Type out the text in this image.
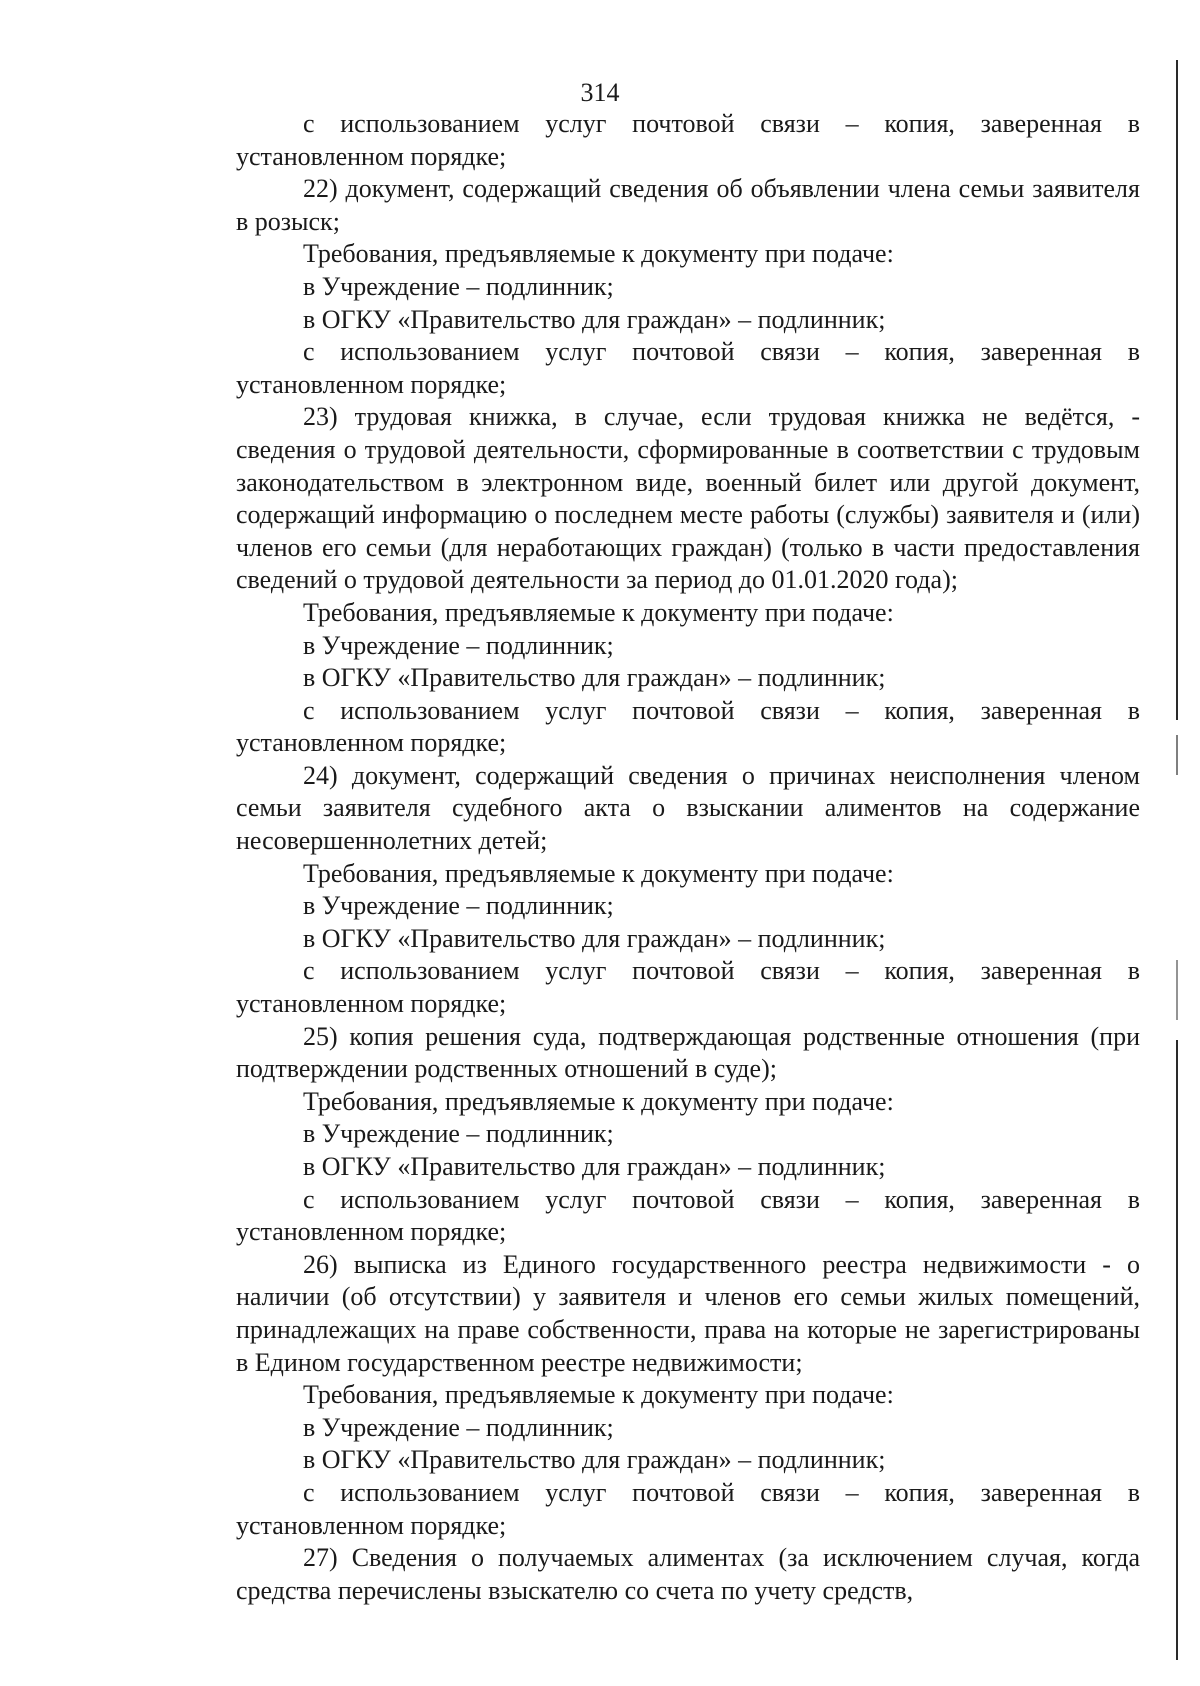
314

с использованием услуг почтовой связи – копия, заверенная в установленном порядке;

22) документ, содержащий сведения об объявлении члена семьи заявителя в розыск;

Требования, предъявляемые к документу при подаче:

в Учреждение – подлинник;

в ОГКУ «Правительство для граждан» – подлинник;

с использованием услуг почтовой связи – копия, заверенная в установленном порядке;

23) трудовая книжка, в случае, если трудовая книжка не ведётся, - сведения о трудовой деятельности, сформированные в соответствии с трудовым законодательством в электронном виде, военный билет или другой документ, содержащий информацию о последнем месте работы (службы) заявителя и (или) членов его семьи (для неработающих граждан) (только в части предоставления сведений о трудовой деятельности за период до 01.01.2020 года);

Требования, предъявляемые к документу при подаче:

в Учреждение – подлинник;

в ОГКУ «Правительство для граждан» – подлинник;

с использованием услуг почтовой связи – копия, заверенная в установленном порядке;

24) документ, содержащий сведения о причинах неисполнения членом семьи заявителя судебного акта о взыскании алиментов на содержание несовершеннолетних детей;

Требования, предъявляемые к документу при подаче:

в Учреждение – подлинник;

в ОГКУ «Правительство для граждан» – подлинник;

с использованием услуг почтовой связи – копия, заверенная в установленном порядке;

25) копия решения суда, подтверждающая родственные отношения (при подтверждении родственных отношений в суде);

Требования, предъявляемые к документу при подаче:

в Учреждение – подлинник;

в ОГКУ «Правительство для граждан» – подлинник;

с использованием услуг почтовой связи – копия, заверенная в установленном порядке;

26) выписка из Единого государственного реестра недвижимости - о наличии (об отсутствии) у заявителя и членов его семьи жилых помещений, принадлежащих на праве собственности, права на которые не зарегистрированы в Едином государственном реестре недвижимости;

Требования, предъявляемые к документу при подаче:

в Учреждение – подлинник;

в ОГКУ «Правительство для граждан» – подлинник;

с использованием услуг почтовой связи – копия, заверенная в установленном порядке;

27) Сведения о получаемых алиментах (за исключением случая, когда средства перечислены взыскателю со счета по учету средств,
